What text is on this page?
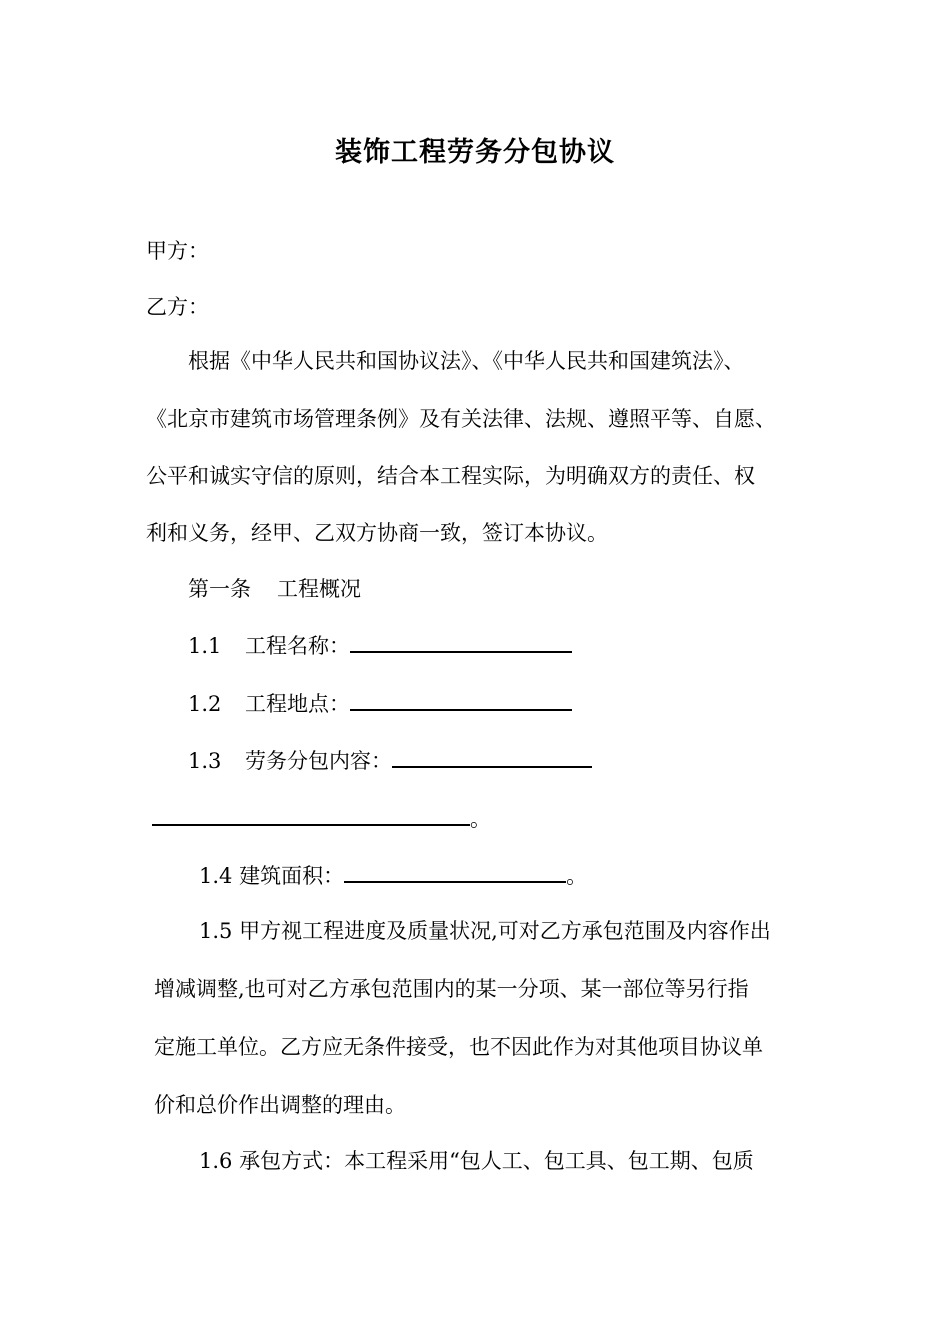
装饰工程劳务分包协议
甲方：
乙方：
根据《中华人民共和国协议法》、《中华人民共和国建筑法》、
《北京市建筑市场管理条例》及有关法律、法规、遵照平等、自愿、
公平和诚实守信的原则，结合本工程实际，为明确双方的责任、权
利和义务，经甲、乙双方协商一致，签订本协议。
第一条 工程概况
1.1 工程名称：
1.2 工程地点：
1.3 劳务分包内容：
。
1.4 建筑面积：	。
1.5 甲方视工程进度及质量状况,可对乙方承包范围及内容作出
增减调整,也可对乙方承包范围内的某一分项、某一部位等另行指
定施工单位。乙方应无条件接受，也不因此作为对其他项目协议单
价和总价作出调整的理由。
1.6 承包方式：本工程采用“包人工、包工具、包工期、包质
